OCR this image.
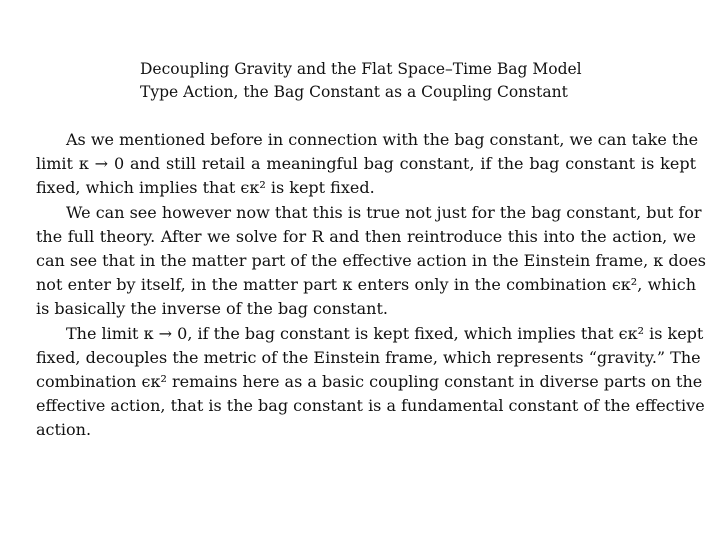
Decoupling Gravity and the Flat Space–Time Bag Model
Type Action, the Bag Constant as a Coupling Constant

As we mentioned before in connection with the bag constant, we can take the
limit κ → 0 and still retail a meaningful bag constant, if the bag constant is kept
fixed, which implies that ϵκ² is kept fixed.

We can see however now that this is true not just for the bag constant, but for
the full theory. After we solve for R and then reintroduce this into the action, we
can see that in the matter part of the effective action in the Einstein frame, κ does
not enter by itself, in the matter part κ enters only in the combination ϵκ², which
is basically the inverse of the bag constant.

The limit κ → 0, if the bag constant is kept fixed, which implies that ϵκ² is kept
fixed, decouples the metric of the Einstein frame, which represents “gravity.” The
combination ϵκ² remains here as a basic coupling constant in diverse parts on the
effective action, that is the bag constant is a fundamental constant of the effective
action.
